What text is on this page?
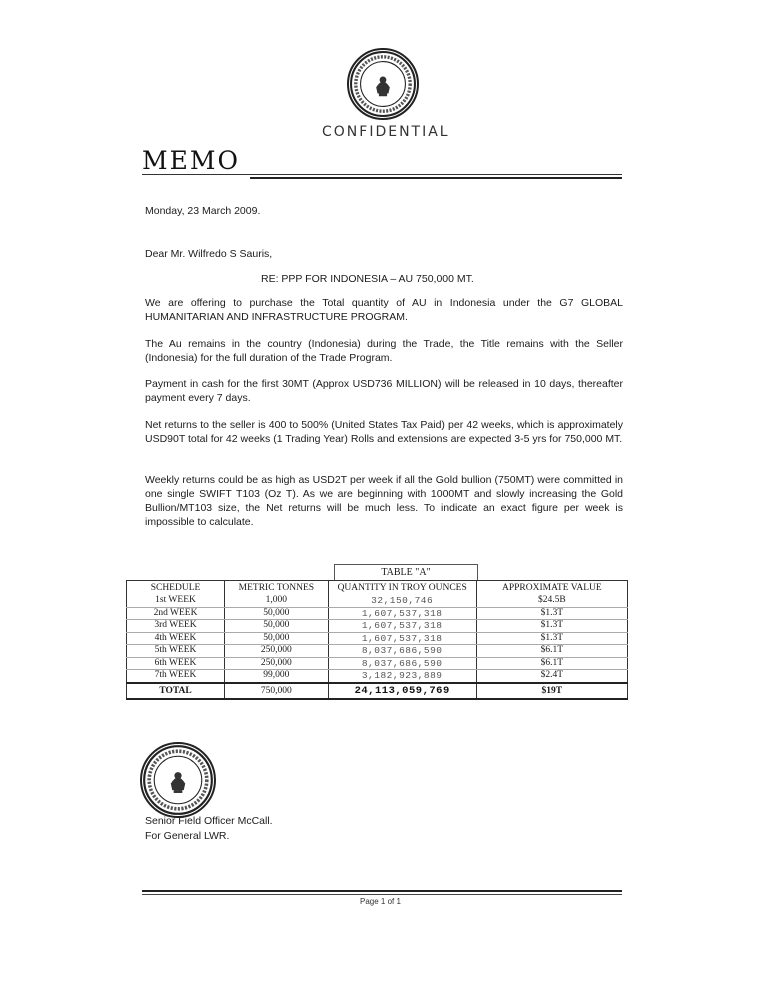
CONFIDENTIAL
MEMO
Monday, 23 March 2009.
Dear Mr. Wilfredo S Sauris,
RE: PPP FOR INDONESIA – AU 750,000 MT.
We are offering to purchase the Total quantity of AU in Indonesia under the G7 GLOBAL HUMANITARIAN AND INFRASTRUCTURE PROGRAM.
The Au remains in the country (Indonesia) during the Trade, the Title remains with the Seller (Indonesia) for the full duration of the Trade Program.
Payment in cash for the first 30MT (Approx USD736 MILLION) will be released in 10 days, thereafter payment every 7 days.
Net returns to the seller is 400 to 500% (United States Tax Paid) per 42 weeks, which is approximately USD90T total for 42 weeks (1 Trading Year) Rolls and extensions are expected 3-5 yrs for 750,000 MT.
Weekly returns could be as high as USD2T per week if all the Gold bullion (750MT) were committed in one single SWIFT T103 (Oz T). As we are beginning with 1000MT and slowly increasing the Gold Bullion/MT103 size, the Net returns will be much less. To indicate an exact figure per week is impossible to calculate.
TABLE "A"
SCHEDULE	METRIC TONNES	QUANTITY IN TROY OUNCES	APPROXIMATE VALUE
1st WEEK	1,000	32,150,746	$24.5B
2nd WEEK	50,000	1,607,537,318	$1.3T
3rd WEEK	50,000	1,607,537,318	$1.3T
4th WEEK	50,000	1,607,537,318	$1.3T
5th WEEK	250,000	8,037,686,590	$6.1T
6th WEEK	250,000	8,037,686,590	$6.1T
7th WEEK	99,000	3,182,923,889	$2.4T
TOTAL	750,000	24,113,059,769	$19T
Senior Field Officer McCall.
For General LWR.
Page 1 of 1
